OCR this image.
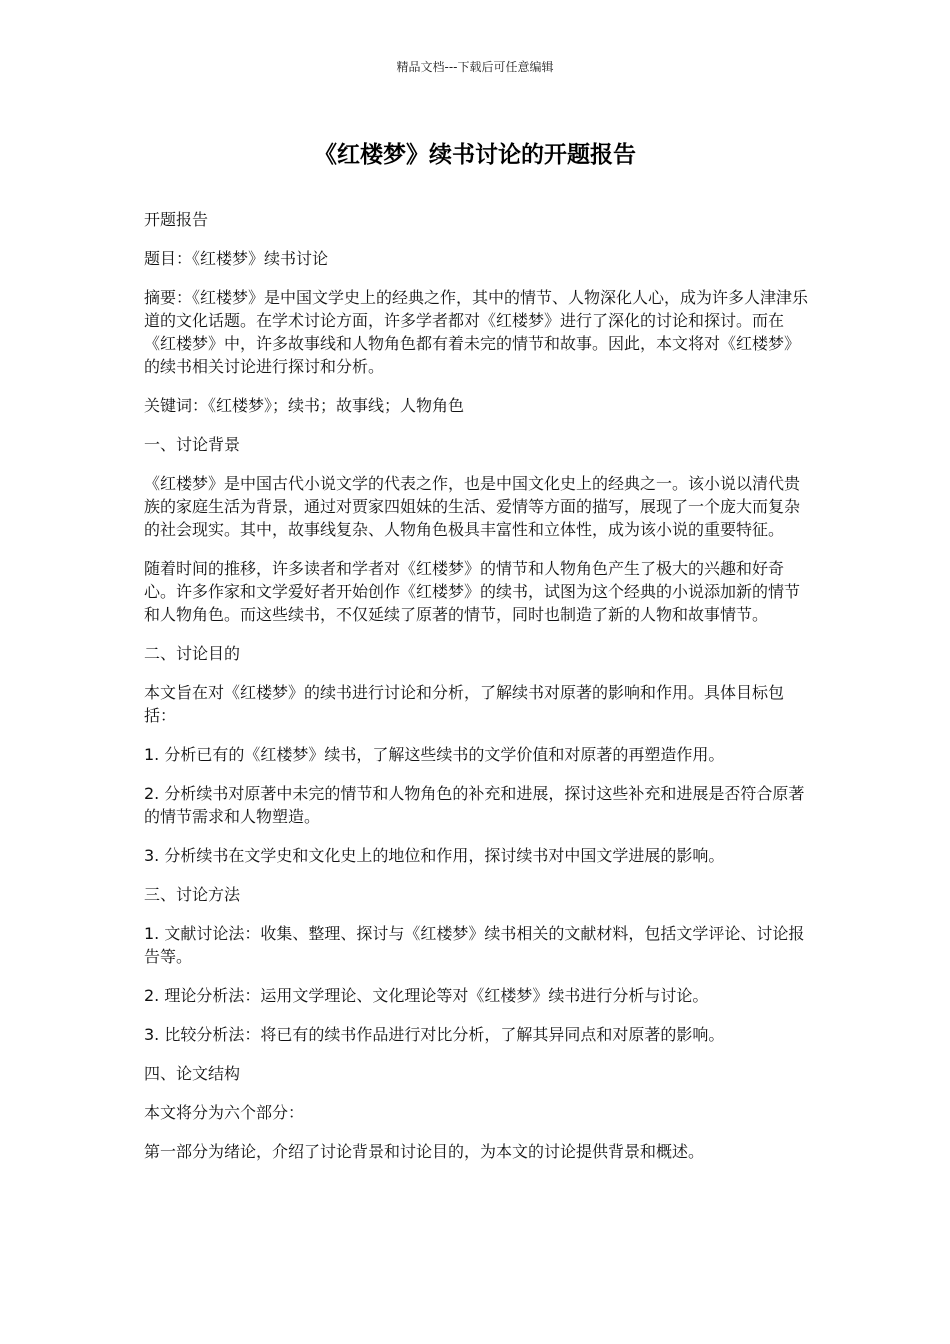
精品文档---下载后可任意编辑
《红楼梦》续书讨论的开题报告

开题报告

题目：《红楼梦》续书讨论

摘要：《红楼梦》是中国文学史上的经典之作，其中的情节、人物深化人心，成为许多人津津乐道的文化话题。在学术讨论方面，许多学者都对《红楼梦》进行了深化的讨论和探讨。而在《红楼梦》中，许多故事线和人物角色都有着未完的情节和故事。因此，本文将对《红楼梦》的续书相关讨论进行探讨和分析。

关键词：《红楼梦》；续书；故事线；人物角色

一、讨论背景

《红楼梦》是中国古代小说文学的代表之作，也是中国文化史上的经典之一。该小说以清代贵族的家庭生活为背景，通过对贾家四姐妹的生活、爱情等方面的描写，展现了一个庞大而复杂的社会现实。其中，故事线复杂、人物角色极具丰富性和立体性，成为该小说的重要特征。

随着时间的推移，许多读者和学者对《红楼梦》的情节和人物角色产生了极大的兴趣和好奇心。许多作家和文学爱好者开始创作《红楼梦》的续书，试图为这个经典的小说添加新的情节和人物角色。而这些续书，不仅延续了原著的情节，同时也制造了新的人物和故事情节。

二、讨论目的

本文旨在对《红楼梦》的续书进行讨论和分析，了解续书对原著的影响和作用。具体目标包括：

1. 分析已有的《红楼梦》续书，了解这些续书的文学价值和对原著的再塑造作用。

2. 分析续书对原著中未完的情节和人物角色的补充和进展，探讨这些补充和进展是否符合原著的情节需求和人物塑造。

3. 分析续书在文学史和文化史上的地位和作用，探讨续书对中国文学进展的影响。

三、讨论方法

1. 文献讨论法：收集、整理、探讨与《红楼梦》续书相关的文献材料，包括文学评论、讨论报告等。

2. 理论分析法：运用文学理论、文化理论等对《红楼梦》续书进行分析与讨论。

3. 比较分析法：将已有的续书作品进行对比分析，了解其异同点和对原著的影响。

四、论文结构

本文将分为六个部分：

第一部分为绪论，介绍了讨论背景和讨论目的，为本文的讨论提供背景和概述。
